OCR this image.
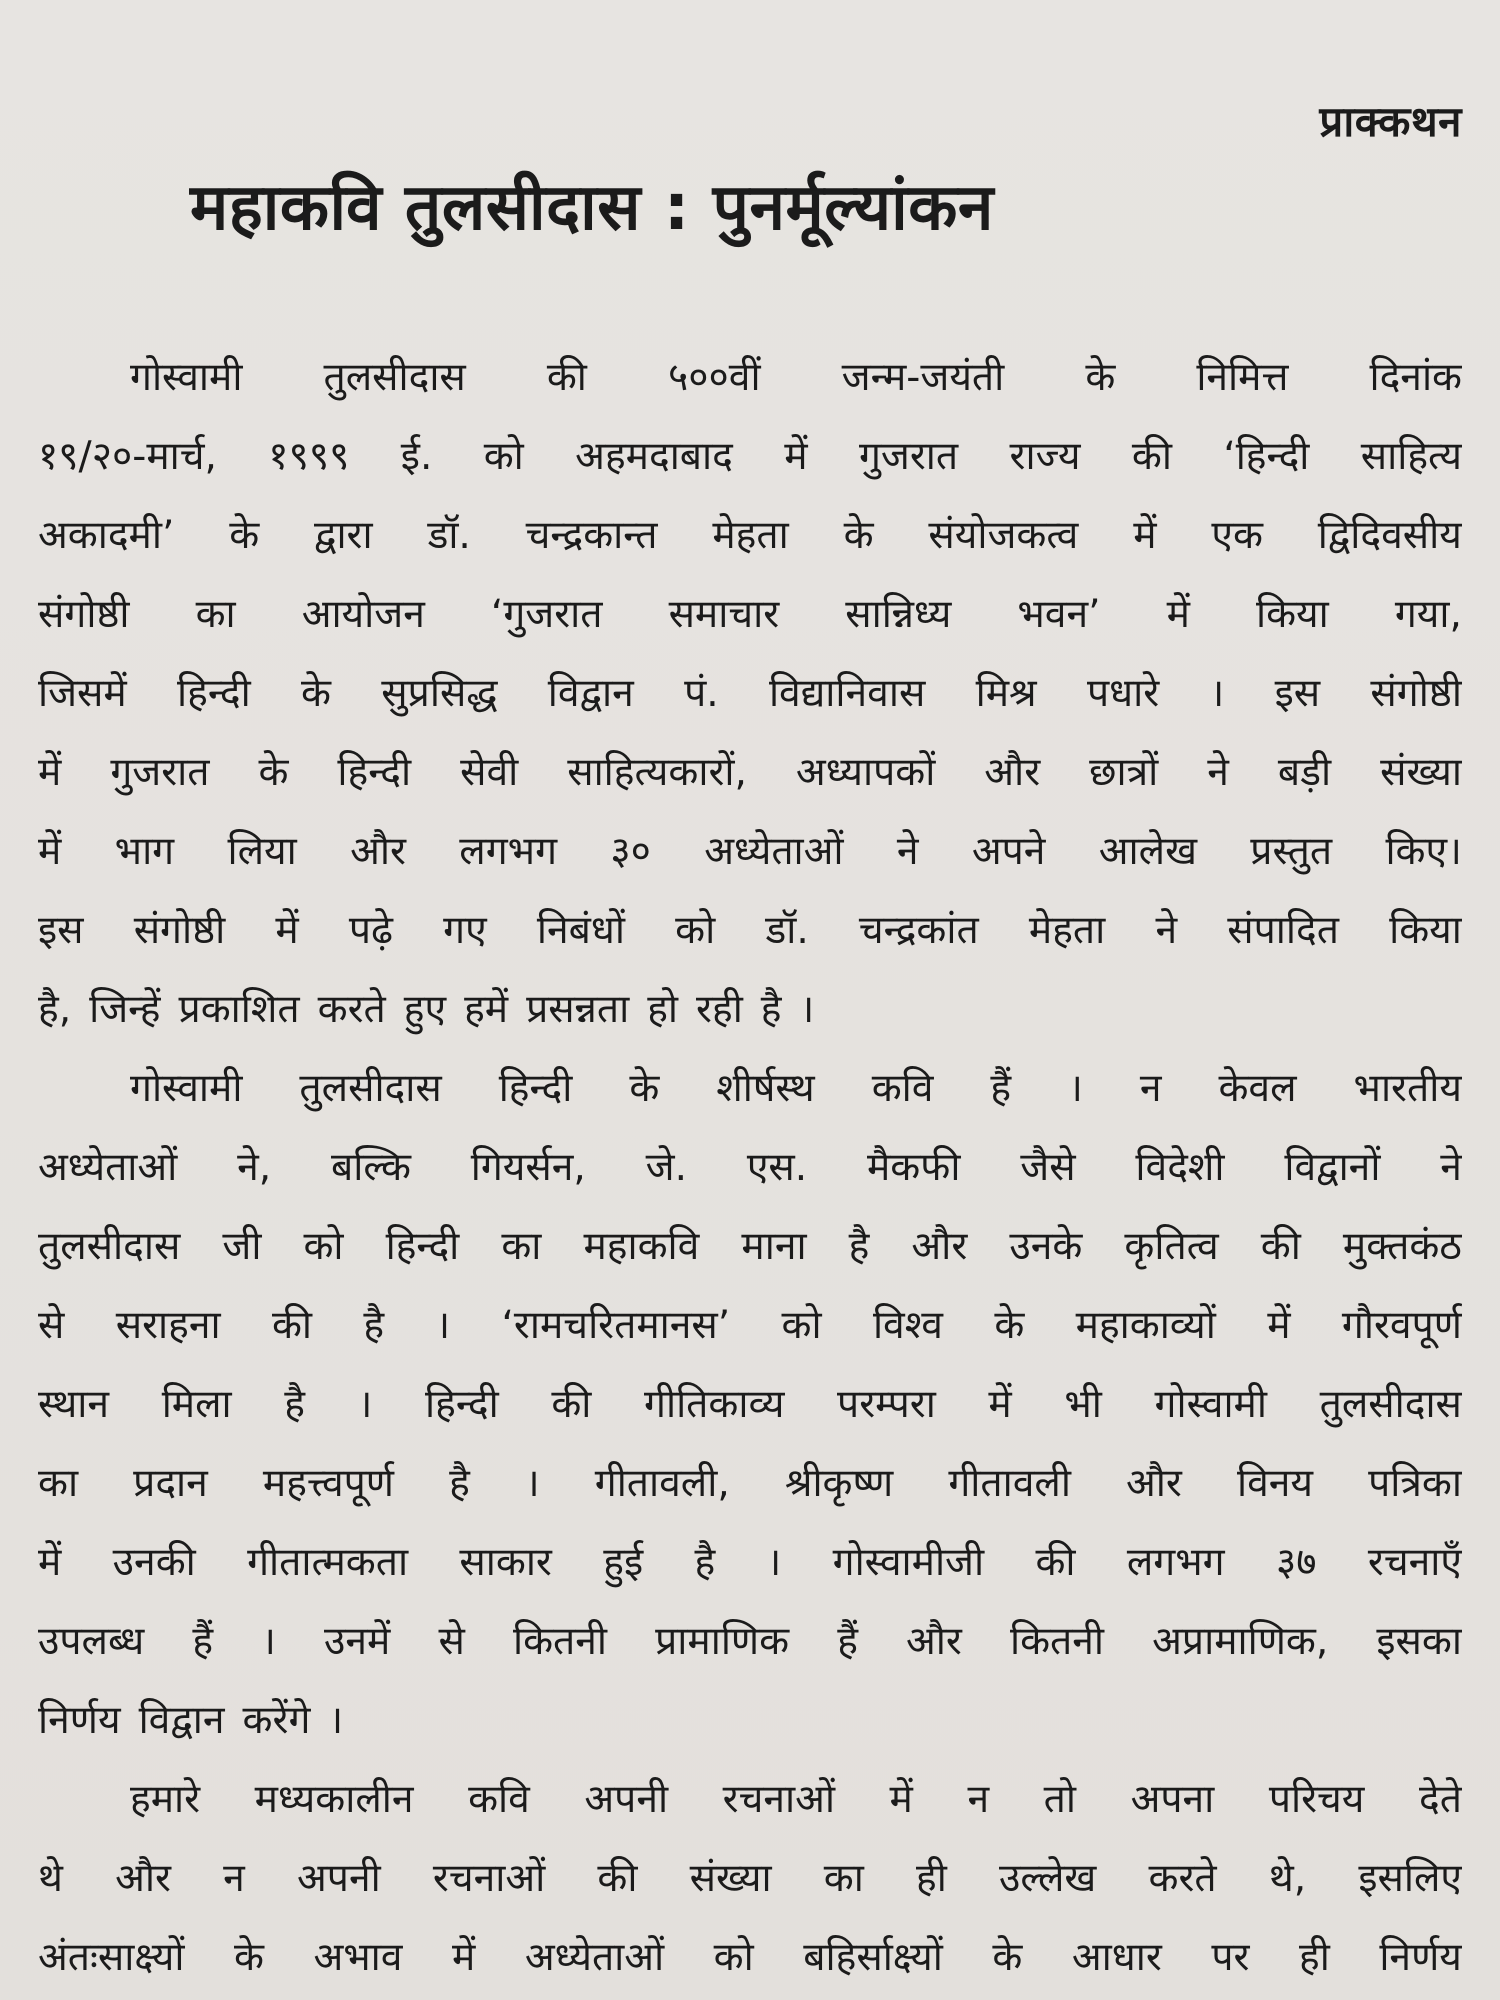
प्राक्कथन
महाकवि तुलसीदास : पुनर्मूल्यांकन
गोस्वामी तुलसीदास की ५००वीं जन्म-जयंती के निमित्त दिनांक
१९/२०-मार्च, १९९९ ई. को अहमदाबाद में गुजरात राज्य की ‘हिन्दी साहित्य
अकादमी’ के द्वारा डॉ. चन्द्रकान्त मेहता के संयोजकत्व में एक द्विदिवसीय
संगोष्ठी का आयोजन ‘गुजरात समाचार सान्निध्य भवन’ में किया गया,
जिसमें हिन्दी के सुप्रसिद्ध विद्वान पं. विद्यानिवास मिश्र पधारे । इस संगोष्ठी
में गुजरात के हिन्दी सेवी साहित्यकारों, अध्यापकों और छात्रों ने बड़ी संख्या
में भाग लिया और लगभग ३० अध्येताओं ने अपने आलेख प्रस्तुत किए।
इस संगोष्ठी में पढ़े गए निबंधों को डॉ. चन्द्रकांत मेहता ने संपादित किया
है, जिन्हें प्रकाशित करते हुए हमें प्रसन्नता हो रही है ।
गोस्वामी तुलसीदास हिन्दी के शीर्षस्थ कवि हैं । न केवल भारतीय
अध्येताओं ने, बल्कि गियर्सन, जे. एस. मैकफी जैसे विदेशी विद्वानों ने
तुलसीदास जी को हिन्दी का महाकवि माना है और उनके कृतित्व की मुक्तकंठ
से सराहना की है । ‘रामचरितमानस’ को विश्व के महाकाव्यों में गौरवपूर्ण
स्थान मिला है । हिन्दी की गीतिकाव्य परम्परा में भी गोस्वामी तुलसीदास
का प्रदान महत्त्वपूर्ण है । गीतावली, श्रीकृष्ण गीतावली और विनय पत्रिका
में उनकी गीतात्मकता साकार हुई है । गोस्वामीजी की लगभग ३७ रचनाएँ
उपलब्ध हैं । उनमें से कितनी प्रामाणिक हैं और कितनी अप्रामाणिक, इसका
निर्णय विद्वान करेंगे ।
हमारे मध्यकालीन कवि अपनी रचनाओं में न तो अपना परिचय देते
थे और न अपनी रचनाओं की संख्या का ही उल्लेख करते थे, इसलिए
अंतःसाक्ष्यों के अभाव में अध्येताओं को बहिर्साक्ष्यों के आधार पर ही निर्णय
